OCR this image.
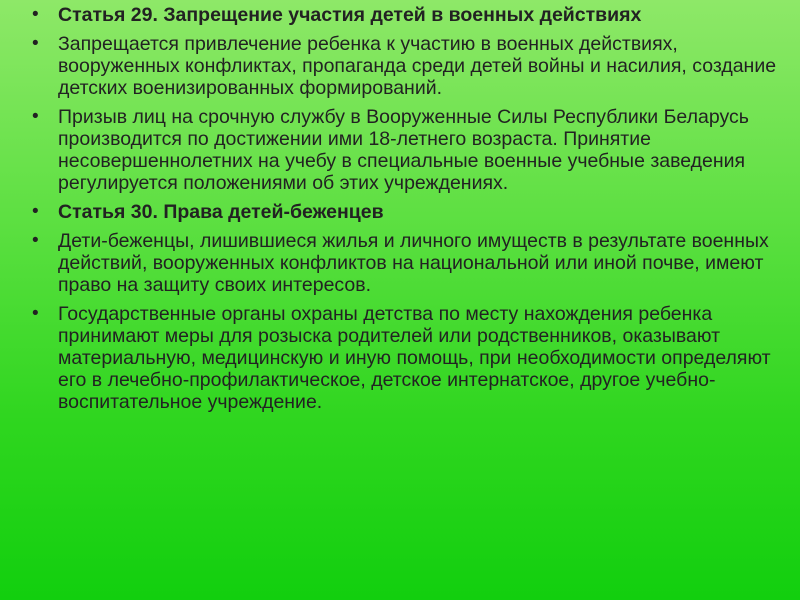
• Статья 29. Запрещение участия детей в военных действиях
• Запрещается привлечение ребенка к участию в военных действиях, вооруженных конфликтах, пропаганда среди детей войны и насилия, создание детских военизированных формирований.
• Призыв лиц на срочную службу в Вооруженные Силы Республики Беларусь производится по достижении ими 18-летнего возраста. Принятие несовершеннолетних на учебу в специальные военные учебные заведения регулируется положениями об этих учреждениях.
• Статья 30. Права детей-беженцев
• Дети-беженцы, лишившиеся жилья и личного имуществ в результате военных действий, вооруженных конфликтов на национальной или иной почве, имеют право на защиту своих интересов.
• Государственные органы охраны детства по месту нахождения ребенка принимают меры для розыска родителей или родственников, оказывают материальную, медицинскую и иную помощь, при необходимости определяют его в лечебно-профилактическое, детское интернатское, другое учебно-воспитательное учреждение.
